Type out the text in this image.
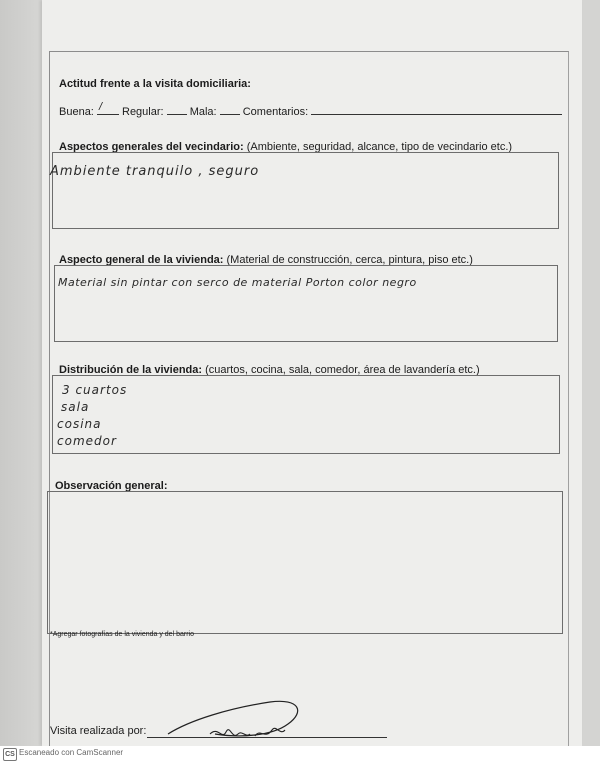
Actitud frente a la visita domiciliaria:
Buena: / Regular: Mala: Comentarios:
Aspectos generales del vecindario: (Ambiente, seguridad, alcance, tipo de vecindario etc.)
Ambiente tranquilo , seguro
Aspecto general de la vivienda: (Material de construcción, cerca, pintura, piso etc.)
Material sin pintar con serco de material Porton color negro
Distribución de la vivienda: (cuartos, cocina, sala, comedor, área de lavandería etc.)
3 cuartos
sala
cosina
comedor
Observación general:
*Agregar fotografías de la vivienda y del barrio
Visita realizada por:
CS Escaneado con CamScanner
